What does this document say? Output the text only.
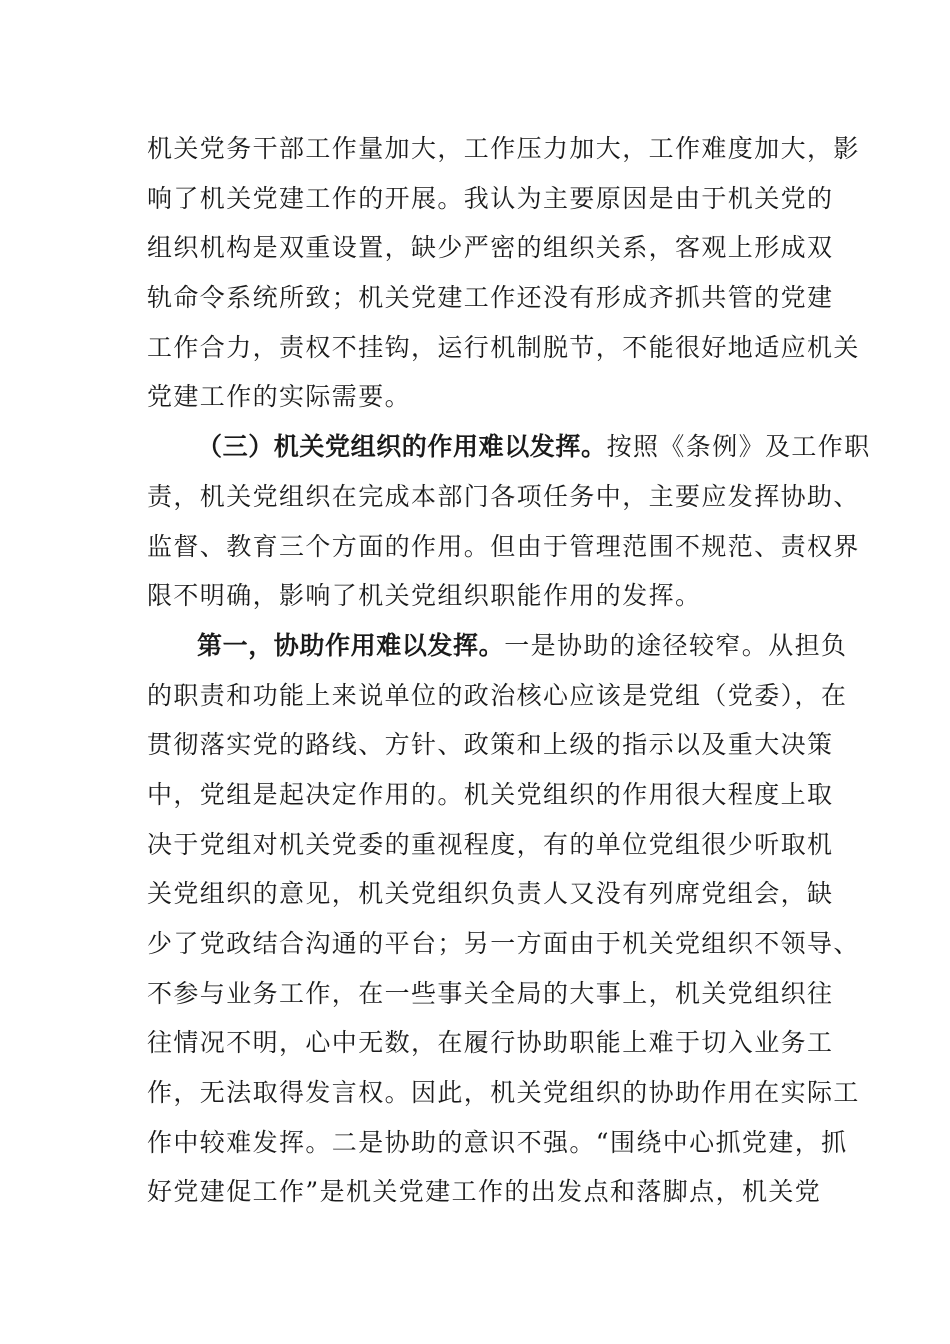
机关党务干部工作量加大，工作压力加大，工作难度加大，影
响了机关党建工作的开展。我认为主要原因是由于机关党的
组织机构是双重设置，缺少严密的组织关系，客观上形成双
轨命令系统所致；机关党建工作还没有形成齐抓共管的党建
工作合力，责权不挂钩，运行机制脱节，不能很好地适应机关
党建工作的实际需要。
（三）机关党组织的作用难以发挥。按照《条例》及工作职
责，机关党组织在完成本部门各项任务中，主要应发挥协助、
监督、教育三个方面的作用。但由于管理范围不规范、责权界
限不明确，影响了机关党组织职能作用的发挥。
第一，协助作用难以发挥。一是协助的途径较窄。从担负
的职责和功能上来说单位的政治核心应该是党组（党委），在
贯彻落实党的路线、方针、政策和上级的指示以及重大决策
中，党组是起决定作用的。机关党组织的作用很大程度上取
决于党组对机关党委的重视程度，有的单位党组很少听取机
关党组织的意见，机关党组织负责人又没有列席党组会，缺
少了党政结合沟通的平台；另一方面由于机关党组织不领导、
不参与业务工作，在一些事关全局的大事上，机关党组织往
往情况不明，心中无数，在履行协助职能上难于切入业务工
作，无法取得发言权。因此，机关党组织的协助作用在实际工
作中较难发挥。二是协助的意识不强。“围绕中心抓党建，抓
好党建促工作”是机关党建工作的出发点和落脚点，机关党
